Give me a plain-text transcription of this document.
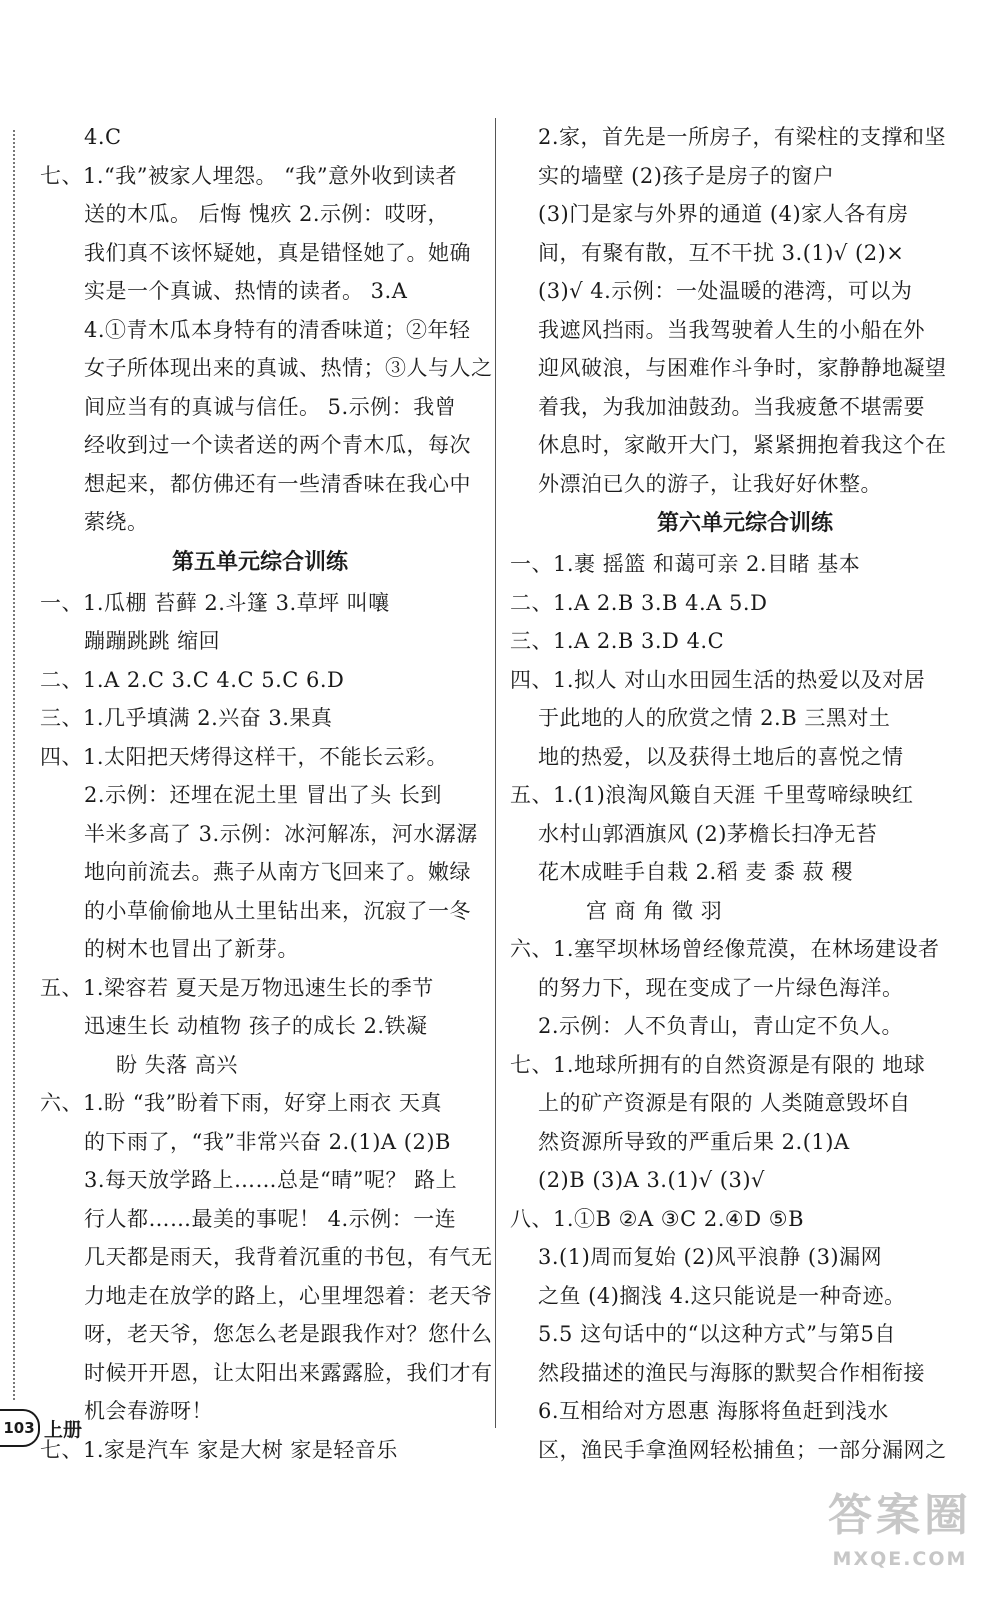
4.C
七、1.“我”被家人埋怨。 “我”意外收到读者
送的木瓜。 后悔 愧疚 2.示例：哎呀，
我们真不该怀疑她，真是错怪她了。她确
实是一个真诚、热情的读者。 3.A
4.①青木瓜本身特有的清香味道；②年轻
女子所体现出来的真诚、热情；③人与人之
间应当有的真诚与信任。 5.示例：我曾
经收到过一个读者送的两个青木瓜，每次
想起来，都仿佛还有一些清香味在我心中
萦绕。
第五单元综合训练
一、1.瓜棚 苔藓 2.斗篷 3.草坪 叫嚷
蹦蹦跳跳 缩回
二、1.A 2.C 3.C 4.C 5.C 6.D
三、1.几乎填满 2.兴奋 3.果真
四、1.太阳把天烤得这样干，不能长云彩。
2.示例：还埋在泥土里 冒出了头 长到
半米多高了 3.示例：冰河解冻，河水潺潺
地向前流去。燕子从南方飞回来了。嫩绿
的小草偷偷地从土里钻出来，沉寂了一冬
的树木也冒出了新芽。
五、1.梁容若 夏天是万物迅速生长的季节
迅速生长 动植物 孩子的成长 2.铁凝
盼 失落 高兴
六、1.盼 “我”盼着下雨，好穿上雨衣 天真
的下雨了，“我”非常兴奋 2.(1)A (2)B
3.每天放学路上……总是“晴”呢？ 路上
行人都……最美的事呢！ 4.示例：一连
几天都是雨天，我背着沉重的书包，有气无
力地走在放学的路上，心里埋怨着：老天爷
呀，老天爷，您怎么老是跟我作对？您什么
时候开开恩，让太阳出来露露脸，我们才有
机会春游呀！
七、1.家是汽车 家是大树 家是轻音乐
2.家，首先是一所房子，有梁柱的支撑和坚
实的墙壁 (2)孩子是房子的窗户
(3)门是家与外界的通道 (4)家人各有房
间，有聚有散，互不干扰 3.(1)√ (2)×
(3)√ 4.示例：一处温暖的港湾，可以为
我遮风挡雨。当我驾驶着人生的小船在外
迎风破浪，与困难作斗争时，家静静地凝望
着我，为我加油鼓劲。当我疲惫不堪需要
休息时，家敞开大门，紧紧拥抱着我这个在
外漂泊已久的游子，让我好好休整。
第六单元综合训练
一、1.裹 摇篮 和蔼可亲 2.目睹 基本
二、1.A 2.B 3.B 4.A 5.D
三、1.A 2.B 3.D 4.C
四、1.拟人 对山水田园生活的热爱以及对居
于此地的人的欣赏之情 2.B 三黑对土
地的热爱，以及获得土地后的喜悦之情
五、1.(1)浪淘风簸自天涯 千里莺啼绿映红
水村山郭酒旗风 (2)茅檐长扫净无苔
花木成畦手自栽 2.稻 麦 黍 菽 稷
宫 商 角 徵 羽
六、1.塞罕坝林场曾经像荒漠，在林场建设者
的努力下，现在变成了一片绿色海洋。
2.示例：人不负青山，青山定不负人。
七、1.地球所拥有的自然资源是有限的 地球
上的矿产资源是有限的 人类随意毁坏自
然资源所导致的严重后果 2.(1)A
(2)B (3)A 3.(1)√ (3)√
八、1.①B ②A ③C 2.④D ⑤B
3.(1)周而复始 (2)风平浪静 (3)漏网
之鱼 (4)搁浅 4.这只能说是一种奇迹。
5.5 这句话中的“以这种方式”与第5自
然段描述的渔民与海豚的默契合作相衔接
6.互相给对方恩惠 海豚将鱼赶到浅水
区，渔民手拿渔网轻松捕鱼；一部分漏网之
103 上册
答案圈
MXQE.COM
